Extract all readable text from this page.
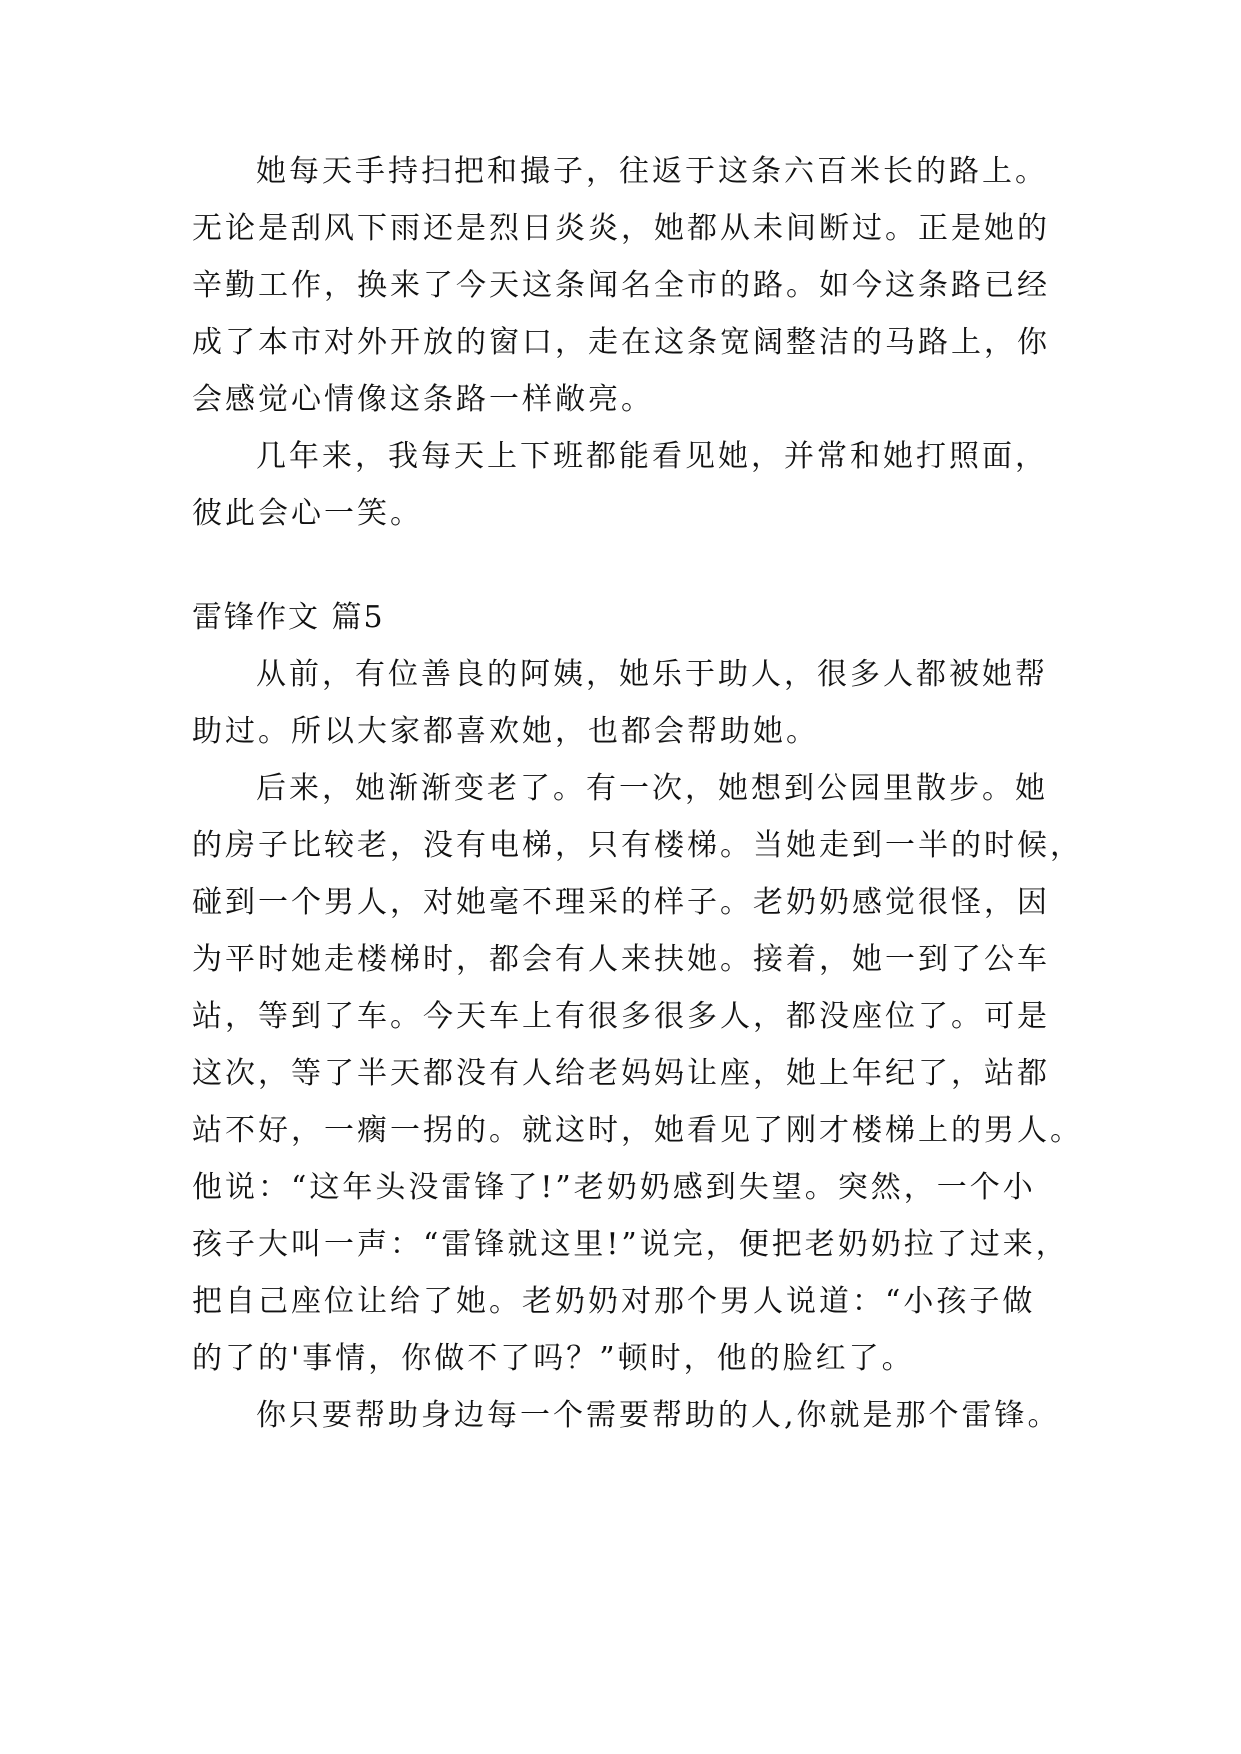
她每天手持扫把和撮子，往返于这条六百米长的路上。
无论是刮风下雨还是烈日炎炎，她都从未间断过。正是她的
辛勤工作，换来了今天这条闻名全市的路。如今这条路已经
成了本市对外开放的窗口，走在这条宽阔整洁的马路上，你
会感觉心情像这条路一样敞亮。
几年来，我每天上下班都能看见她，并常和她打照面，
彼此会心一笑。
雷锋作文 篇5
从前，有位善良的阿姨，她乐于助人，很多人都被她帮
助过。所以大家都喜欢她，也都会帮助她。
后来，她渐渐变老了。有一次，她想到公园里散步。她
的房子比较老，没有电梯，只有楼梯。当她走到一半的时候，
碰到一个男人，对她毫不理采的样子。老奶奶感觉很怪，因
为平时她走楼梯时，都会有人来扶她。接着，她一到了公车
站，等到了车。今天车上有很多很多人，都没座位了。可是
这次，等了半天都没有人给老妈妈让座，她上年纪了，站都
站不好，一瘸一拐的。就这时，她看见了刚才楼梯上的男人。
他说：“这年头没雷锋了!”老奶奶感到失望。突然，一个小
孩子大叫一声：“雷锋就这里!”说完，便把老奶奶拉了过来，
把自己座位让给了她。老奶奶对那个男人说道：“小孩子做
的了的'事情，你做不了吗？”顿时，他的脸红了。
你只要帮助身边每一个需要帮助的人,你就是那个雷锋。
